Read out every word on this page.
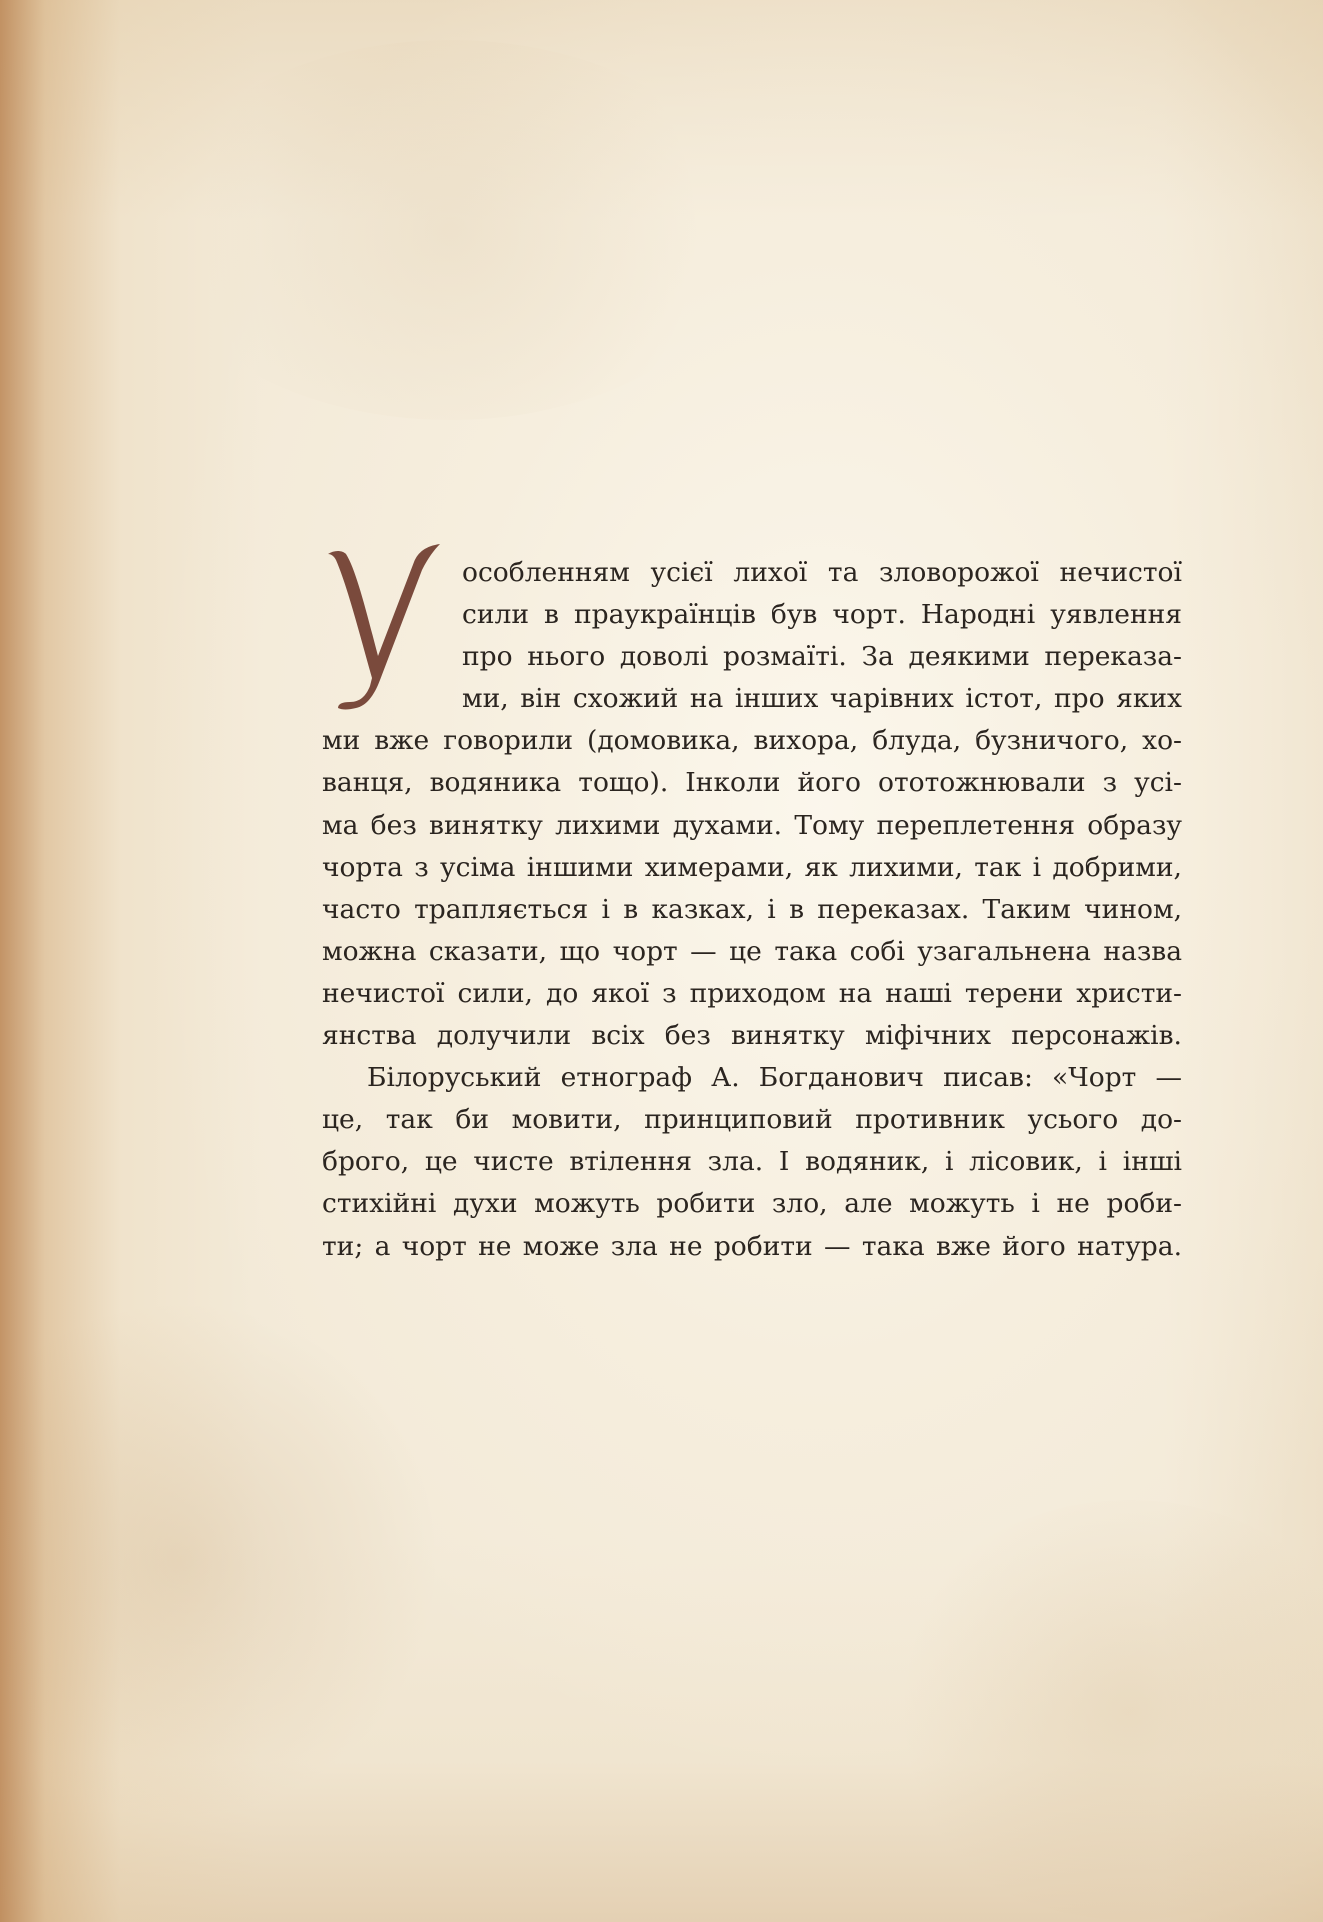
особленням усієї лихої та зловорожої нечистої
сили в праукраїнців був чорт. Народні уявлення
про нього доволі розмаїті. За деякими переказа-
ми, він схожий на інших чарівних істот, про яких
ми вже говорили (домовика, вихора, блуда, бузничого, хо-
ванця, водяника тощо). Інколи його ототожнювали з усі-
ма без винятку лихими духами. Тому переплетення образу
чорта з усіма іншими химерами, як лихими, так і добрими,
часто трапляється і в казках, і в переказах. Таким чином,
можна сказати, що чорт — це така собі узагальнена назва
нечистої сили, до якої з приходом на наші терени христи-
янства долучили всіх без винятку міфічних персонажів.
Білоруський етнограф А. Богданович писав: «Чорт —
це, так би мовити, принциповий противник усього до-
брого, це чисте втілення зла. І водяник, і лісовик, і інші
стихійні духи можуть робити зло, але можуть і не роби-
ти; а чорт не може зла не робити — така вже його натура.
